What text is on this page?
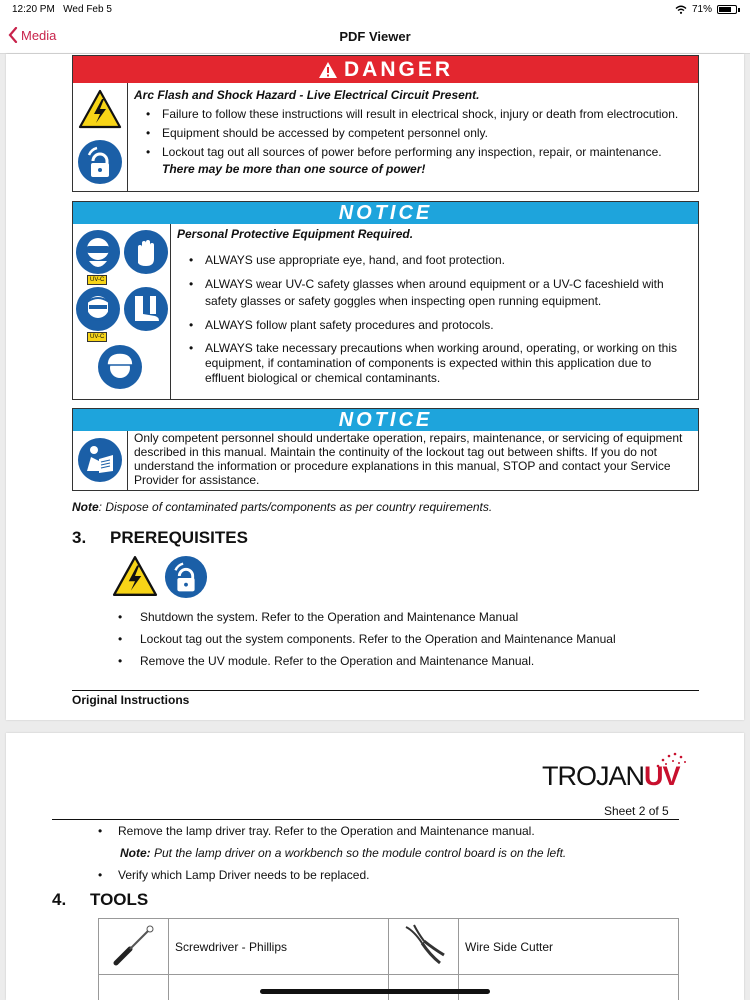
12:20 PM Wed Feb 5	71%
Media	PDF Viewer
DANGER
Arc Flash and Shock Hazard - Live Electrical Circuit Present.
• Failure to follow these instructions will result in electrical shock, injury or death from electrocution.
• Equipment should be accessed by competent personnel only.
• Lockout tag out all sources of power before performing any inspection, repair, or maintenance.
There may be more than one source of power!
NOTICE
UV-C
UV-C
Personal Protective Equipment Required.
• ALWAYS use appropriate eye, hand, and foot protection.
• ALWAYS wear UV-C safety glasses when around equipment or a UV-C faceshield with safety glasses or safety goggles when inspecting open running equipment.
• ALWAYS follow plant safety procedures and protocols.
• ALWAYS take necessary precautions when working around, operating, or working on this equipment, if contamination of components is expected within this application due to effluent biological or chemical contaminants.
NOTICE
Only competent personnel should undertake operation, repairs, maintenance, or servicing of equipment described in this manual. Maintain the continuity of the lockout tag out between shifts. If you do not understand the information or procedure explanations in this manual, STOP and contact your Service Provider for assistance.
Note: Dispose of contaminated parts/components as per country requirements.
3. PREREQUISITES
• Shutdown the system. Refer to the Operation and Maintenance Manual
• Lockout tag out the system components. Refer to the Operation and Maintenance Manual
• Remove the UV module. Refer to the Operation and Maintenance Manual.
Original Instructions
TROJANUV
Sheet 2 of 5
• Remove the lamp driver tray. Refer to the Operation and Maintenance manual.
Note: Put the lamp driver on a workbench so the module control board is on the left.
• Verify which Lamp Driver needs to be replaced.
4. TOOLS
	Screwdriver - Phillips		Wire Side Cutter
